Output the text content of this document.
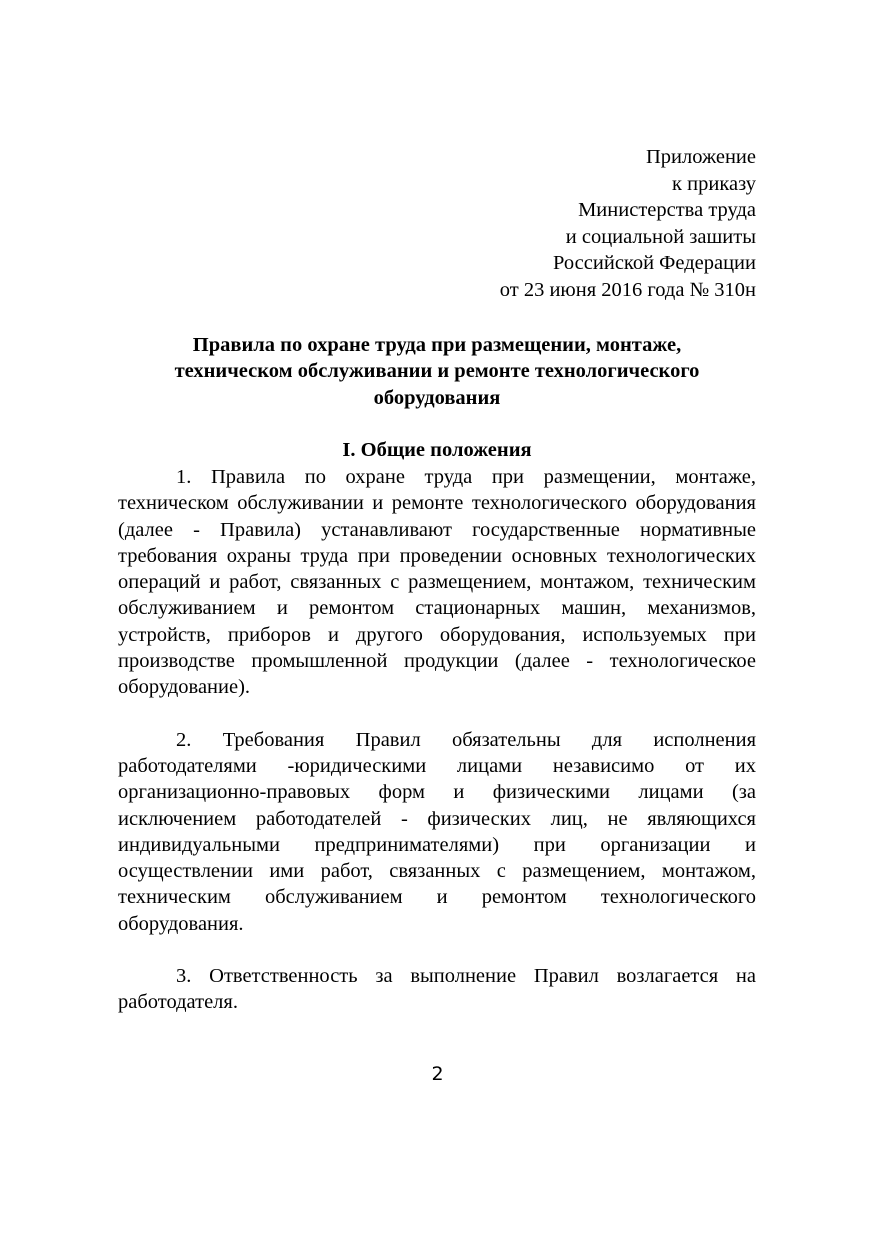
Приложение
к приказу
Министерства труда
и социальной зашиты
Российской Федерации
от 23 июня 2016 года № 310н
Правила по охране труда при размещении, монтаже,
техническом обслуживании и ремонте технологического
оборудования
I. Общие положения

1. Правила по охране труда при размещении, монтаже, техническом обслуживании и ремонте технологического оборудования (далее - Правила) устанавливают государственные нормативные требования охраны труда при проведении основных технологических операций и работ, связанных с размещением, монтажом, техническим обслуживанием и ремонтом стационарных машин, механизмов, устройств, приборов и другого оборудования, используемых при производстве промышленной продукции (далее - технологическое оборудование).

2. Требования Правил обязательны для исполнения работодателями -юридическими лицами независимо от их организационно-правовых форм и физическими лицами (за исключением работодателей - физических лиц, не являющихся индивидуальными предпринимателями) при организации и осуществлении ими работ, связанных с размещением, монтажом, техническим обслуживанием и ремонтом технологического оборудования.

3. Ответственность за выполнение Правил возлагается на работодателя.

2
